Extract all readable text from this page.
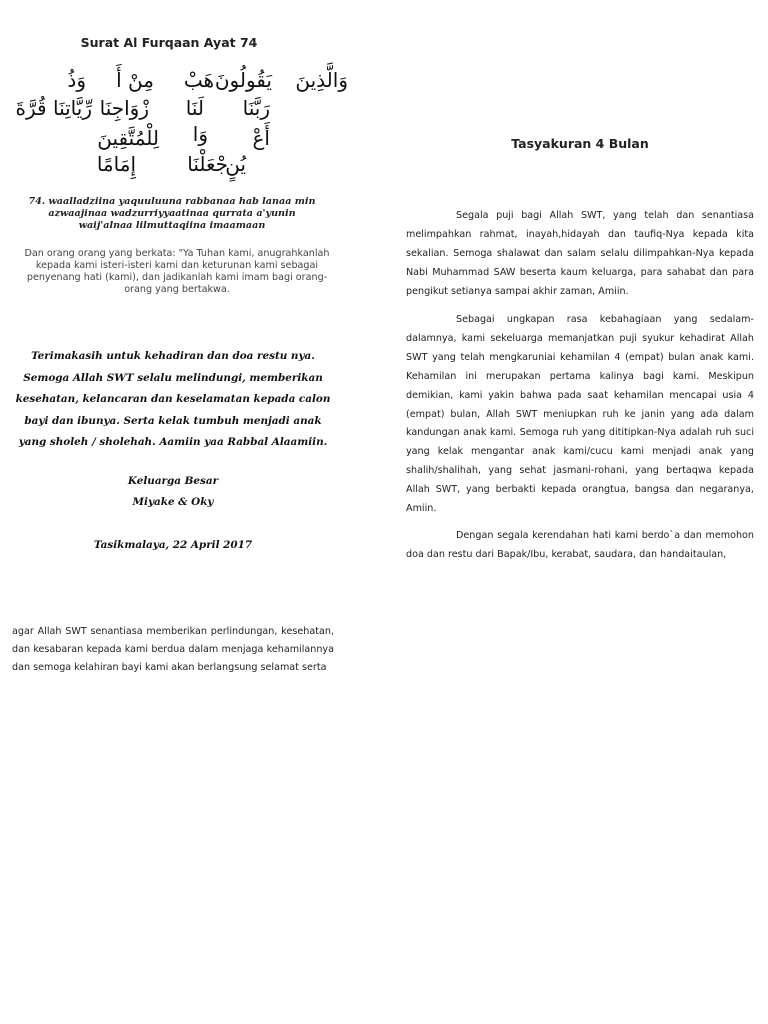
Surat Al Furqaan Ayat 74
وَالَّذِينَ
يَقُولُونَ
رَبَّنَا
هَبْ
لَنَا
مِنْ أَ
زْوَاجِنَا
وَذُ
رِّيَّاتِنَا قُرَّةَ
أَعْ
يُنٍ
وَا
جْعَلْنَا
لِلْمُتَّقِينَ
إِمَامًا
74. waalladziina yaquuluuna rabbanaa hab lanaa min azwaajinaa wadzurriyyaatinaa qurrata a'yunin waij'alnaa lilmuttaqiina imaamaan
Dan orang orang yang berkata: "Ya Tuhan kami, anugrahkanlah kepada kami isteri-isteri kami dan keturunan kami sebagai penyenang hati (kami), dan jadikanlah kami imam bagi orang-orang yang bertakwa.
Terimakasih untuk kehadiran dan doa restu nya. Semoga Allah SWT selalu melindungi, memberikan kesehatan, kelancaran dan keselamatan kepada calon bayi dan ibunya. Serta kelak tumbuh menjadi anak yang sholeh / sholehah. Aamiin yaa Rabbal Alaamiin.
Keluarga Besar
Miyake & Oky
Tasikmalaya, 22 April 2017
agar Allah SWT senantiasa memberikan perlindungan, kesehatan, dan kesabaran kepada kami berdua dalam menjaga kehamilannya dan semoga kelahiran bayi kami akan berlangsung selamat serta
Tasyakuran 4 Bulan

Segala puji bagi Allah SWT, yang telah dan senantiasa melimpahkan rahmat, inayah,hidayah dan taufiq-Nya kepada kita sekalian. Semoga shalawat dan salam selalu dilimpahkan-Nya kepada Nabi Muhammad SAW beserta kaum keluarga, para sahabat dan para pengikut setianya sampai akhir zaman, Amiin.

Sebagai ungkapan rasa kebahagiaan yang sedalam-dalamnya, kami sekeluarga memanjatkan puji syukur kehadirat Allah SWT yang telah mengkaruniai kehamilan 4 (empat) bulan anak kami. Kehamilan ini merupakan pertama kalinya bagi kami. Meskipun demikian, kami yakin bahwa pada saat kehamilan mencapai usia 4 (empat) bulan, Allah SWT meniupkan ruh ke janin yang ada dalam kandungan anak kami. Semoga ruh yang dititipkan-Nya adalah ruh suci yang kelak mengantar anak kami/cucu kami menjadi anak yang shalih/shalihah, yang sehat jasmani-rohani, yang bertaqwa kepada Allah SWT, yang berbakti kepada orangtua, bangsa dan negaranya, Amiin.

Dengan segala kerendahan hati kami berdo`a dan memohon doa dan restu dari Bapak/Ibu, kerabat, saudara, dan handaitaulan,
